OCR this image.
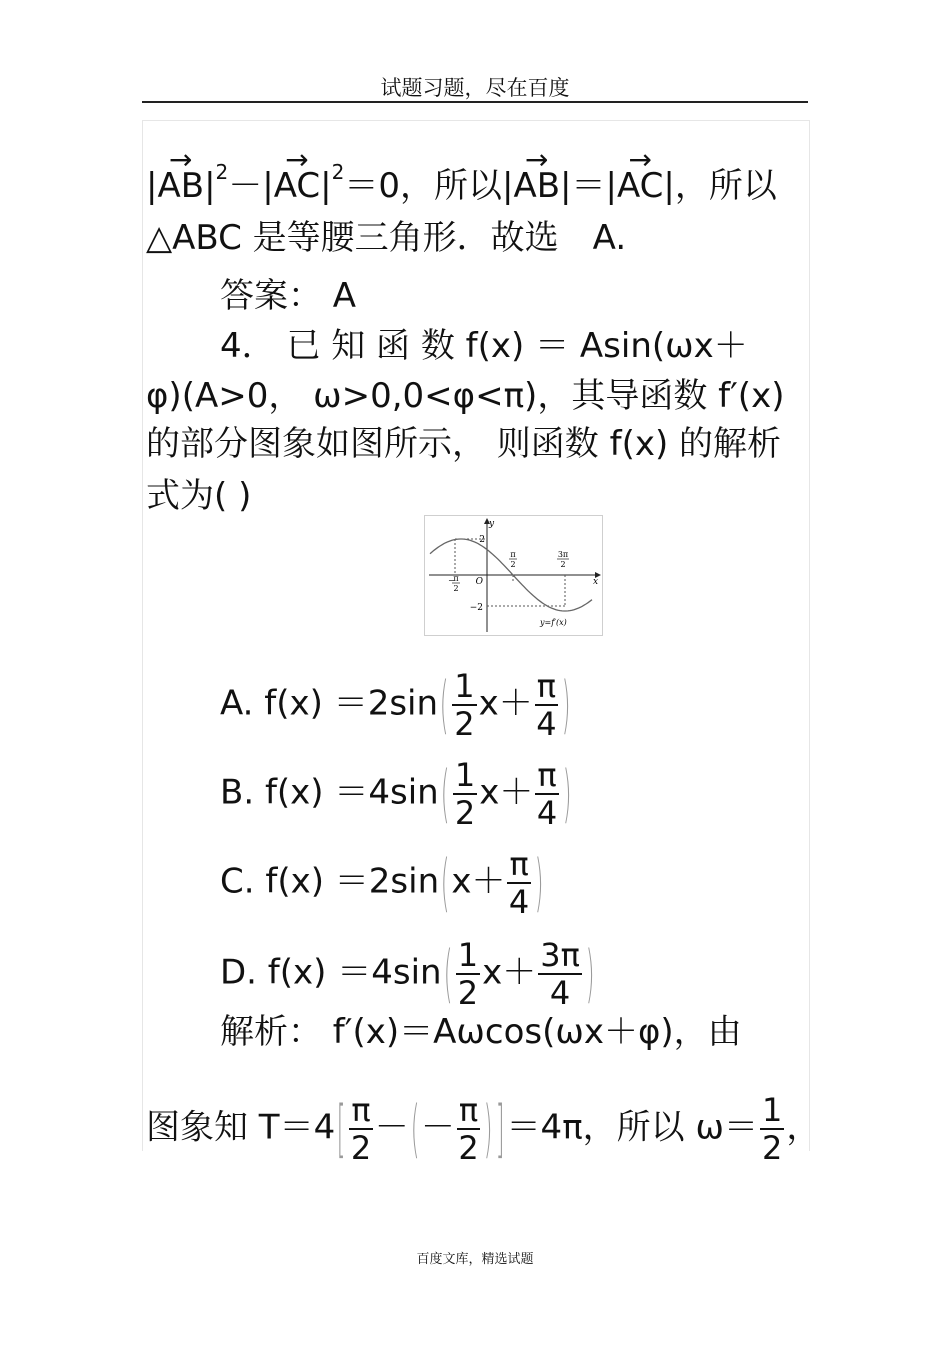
试题习题，尽在百度
|→ $AB|^2-|\to AC|^2=0$，所以|→ AB|＝|→ AC|，所以
△ABC 是等腰三角形．故选　A.
答案： A
4． 已 知 函 数 f(x) ＝ Asin(ωx＋
φ)(A>0， ω>0,0<φ<π)，其导函数 f′(x)
的部分图象如图所示， 则函数 f(x) 的解析
式为( )
y
x
O
2
−2
−
π
2
π
2
3π
2
y=f′(x)
A. $f(x) =2\sin( \frac{1}{2} x+ \frac{\pi}{4}$ )
B. $f(x) =4\sin( \frac{1}{2} x+ \frac{\pi}{4}$ )
C. $f(x) =2\sin(x+ \frac{\pi}{4}$ )
D. $f(x) =4\sin( \frac{1}{2} x+ \frac{3\pi}{4}$ )
解析： f′(x)＝Aωcos(ωx＋φ)，由
图象知 $T=4[ \frac{\pi}{2}$ －(－ $\frac{\pi}{2} )]=4\pi$，所以 $\omega= \frac{1}{2}$ ，
百度文库，精选试题
